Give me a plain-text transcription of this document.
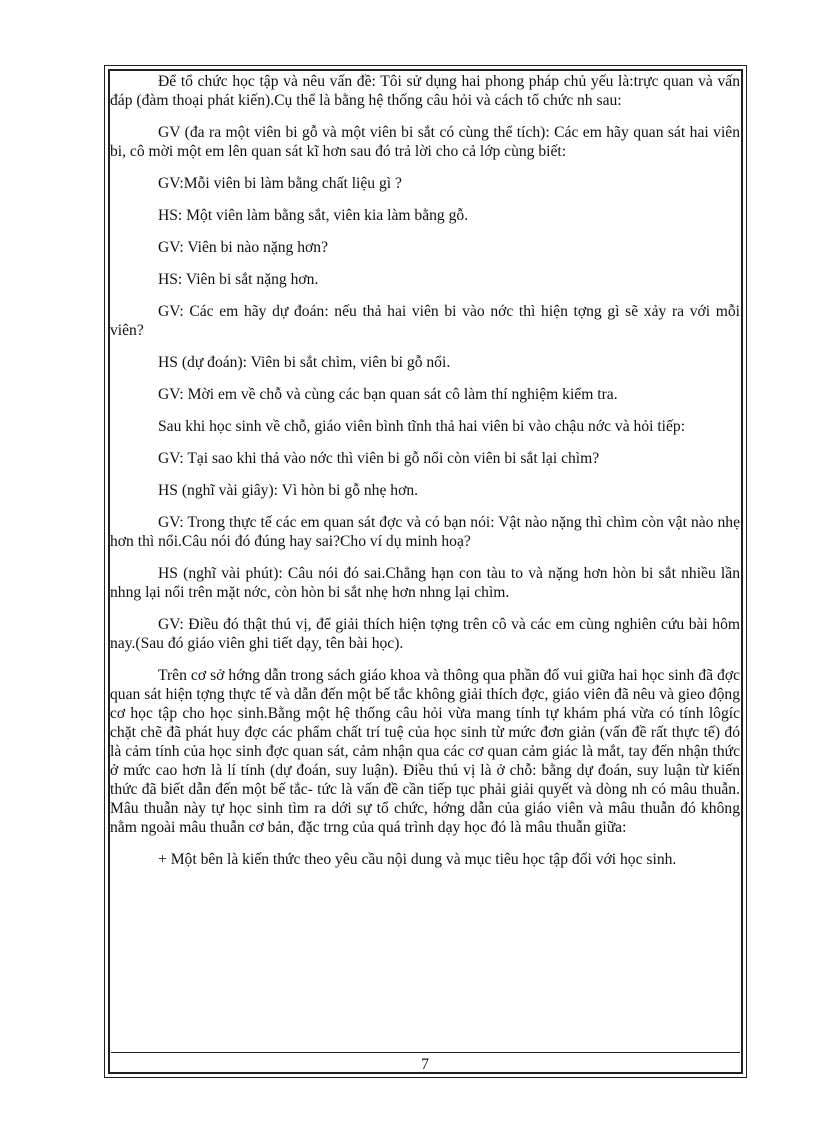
Để tổ chức học tập và nêu vấn đề: Tôi sử dụng hai phong pháp chủ yếu là:trực quan và vấn đáp (đàm thoại phát kiến).Cụ thể là bằng hệ thống câu hỏi và cách tổ chức nh sau:

GV (đa ra một viên bi gỗ và một viên bi sắt có cùng thể tích): Các em hãy quan sát hai viên bi, cô mời một em lên quan sát kĩ hơn sau đó trả lời cho cả lớp cùng biết:

GV:Mỗi viên bi làm bằng chất liệu gì ?

HS: Một viên làm bằng sắt, viên kia làm bằng gỗ.

GV: Viên bi nào nặng hơn?

HS: Viên bi sắt nặng hơn.

GV: Các em hãy dự đoán: nếu thả hai viên bi vào nớc thì hiện tợng gì sẽ xảy ra với mỗi viên?

HS (dự đoán): Viên bi sắt chìm, viên bi gỗ nổi.

GV: Mời em về chỗ và cùng các bạn quan sát cô làm thí nghiệm kiểm tra.

Sau khi học sinh về chỗ, giáo viên bình tĩnh thả hai viên bi vào chậu nớc và hỏi tiếp:

GV: Tại sao khi thả vào nớc thì viên bi gỗ nổi còn viên bi sắt lại chìm?

HS (nghĩ vài giây): Vì hòn bi gỗ nhẹ hơn.

GV: Trong thực tế các em quan sát đợc và có bạn nói: Vật nào nặng thì chìm còn vật nào nhẹ hơn thì nổi.Câu nói đó đúng hay sai?Cho ví dụ minh hoạ?

HS (nghĩ vài phút): Câu nói đó sai.Chẳng hạn con tàu to và nặng hơn hòn bi sắt nhiều lần nhng lại nổi trên mặt nớc, còn hòn bi sắt nhẹ hơn nhng lại chìm.

GV: Điều đó thật thú vị, để giải thích hiện tợng trên cô và các em cùng nghiên cứu bài hôm nay.(Sau đó giáo viên ghi tiết dạy, tên bài học).

Trên cơ sở hớng dẫn trong sách giáo khoa và thông qua phần đố vui giữa hai học sinh đã đợc quan sát hiện tợng thực tế và dẫn đến một bế tắc không giải thích đợc, giáo viên đã nêu và gieo động cơ học tập cho học sinh.Bằng một hệ thống câu hỏi vừa mang tính tự khám phá vừa có tính lôgíc chặt chẽ đã phát huy đợc các phẩm chất trí tuệ của học sinh từ mức đơn giản (vấn đề rất thực tế) đó là cảm tính của học sinh đợc quan sát, cảm nhận qua các cơ quan cảm giác là mắt, tay đến nhận thức ở mức cao hơn là lí tính (dự đoán, suy luận). Điều thú vị là ở chỗ: bằng dự đoán, suy luận từ kiến thức đã biết dẫn đến một bế tắc- tức là vấn đề cần tiếp tục phải giải quyết và dòng nh có mâu thuẫn. Mâu thuẫn này tự học sinh tìm ra dới sự tổ chức, hớng dẫn của giáo viên và mâu thuẫn đó không nằm ngoài mâu thuẫn cơ bản, đặc trng của quá trình dạy học đó là mâu thuẫn giữa:

+ Một bên là kiến thức theo yêu cầu nội dung và mục tiêu học tập đối với học sinh.

7
